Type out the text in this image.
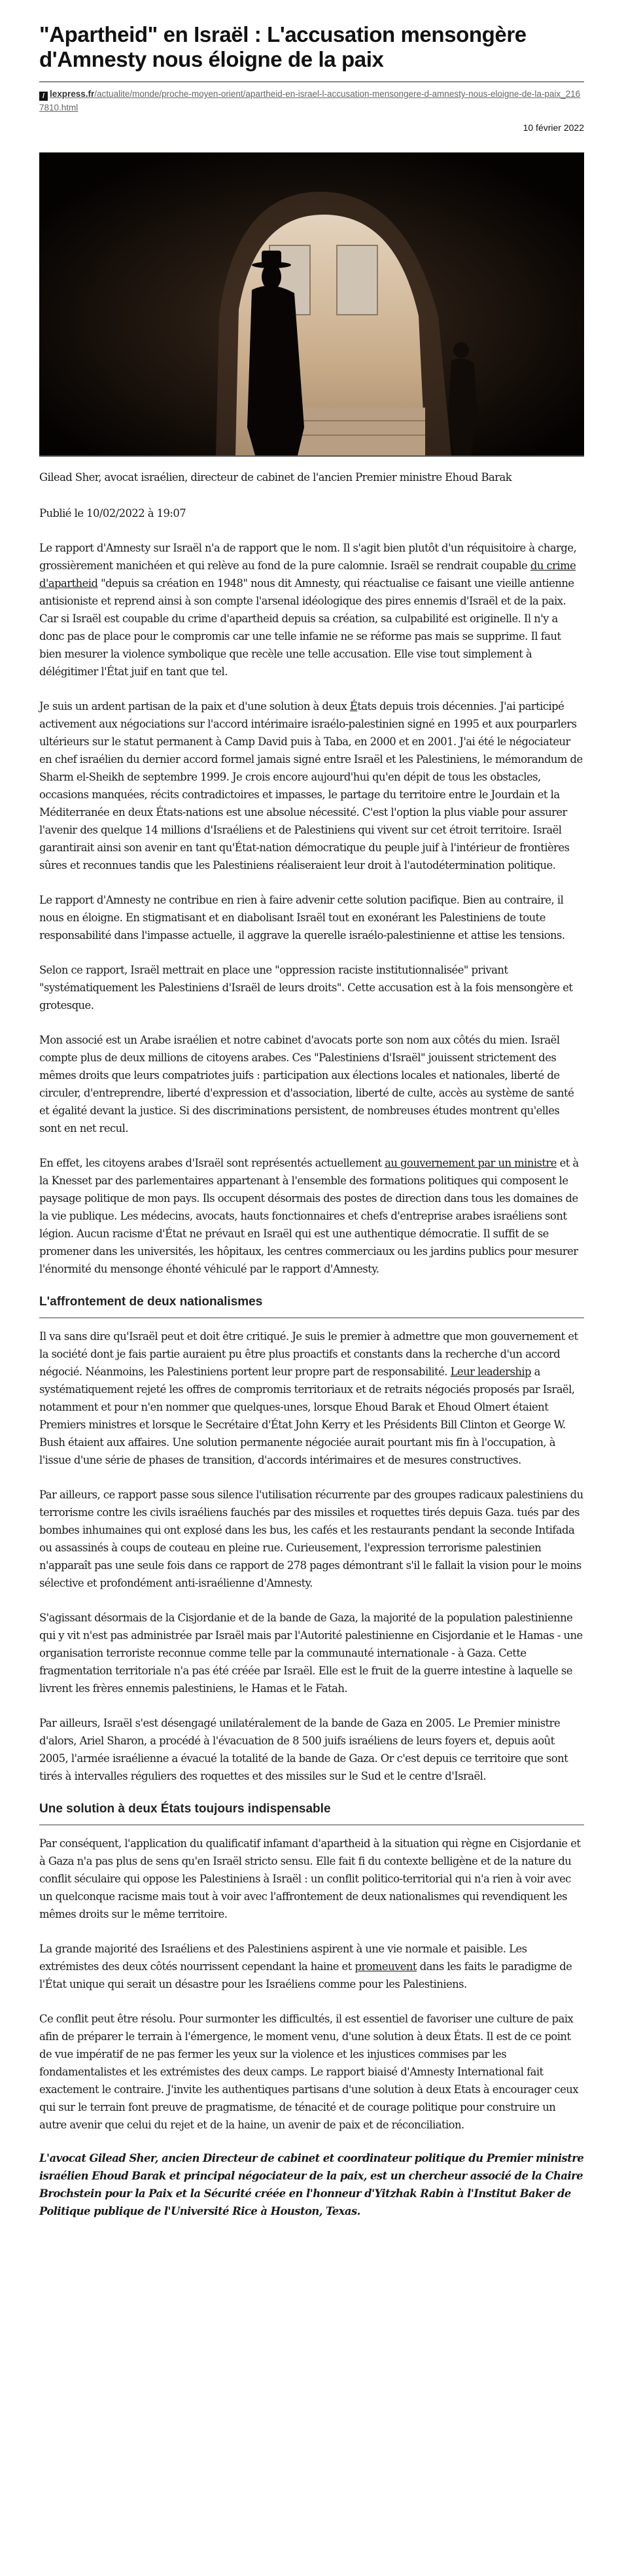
"Apartheid" en Israël : L'accusation mensongère d'Amnesty nous éloigne de la paix
/ lexpress.fr/actualite/monde/proche-moyen-orient/apartheid-en-israel-l-accusation-mensongere-d-amnesty-nous-eloigne-de-la-paix_2167810.html
10 février 2022
Gilead Sher, avocat israélien, directeur de cabinet de l'ancien Premier ministre Ehoud Barak
Publié le 10/02/2022 à 19:07

Le rapport d'Amnesty sur Israël n'a de rapport que le nom. Il s'agit bien plutôt d'un réquisitoire à charge, grossièrement manichéen et qui relève au fond de la pure calomnie. Israël se rendrait coupable du crime d'apartheid "depuis sa création en 1948" nous dit Amnesty, qui réactualise ce faisant une vieille antienne antisioniste et reprend ainsi à son compte l'arsenal idéologique des pires ennemis d'Israël et de la paix. Car si Israël est coupable du crime d'apartheid depuis sa création, sa culpabilité est originelle. Il n'y a donc pas de place pour le compromis car une telle infamie ne se réforme pas mais se supprime. Il faut bien mesurer la violence symbolique que recèle une telle accusation. Elle vise tout simplement à délégitimer l'État juif en tant que tel.

Je suis un ardent partisan de la paix et d'une solution à deux États depuis trois décennies. J'ai participé activement aux négociations sur l'accord intérimaire israélo-palestinien signé en 1995 et aux pourparlers ultérieurs sur le statut permanent à Camp David puis à Taba, en 2000 et en 2001. J'ai été le négociateur en chef israélien du dernier accord formel jamais signé entre Israël et les Palestiniens, le mémorandum de Sharm el-Sheikh de septembre 1999. Je crois encore aujourd'hui qu'en dépit de tous les obstacles, occasions manquées, récits contradictoires et impasses, le partage du territoire entre le Jourdain et la Méditerranée en deux États-nations est une absolue nécessité. C'est l'option la plus viable pour assurer l'avenir des quelque 14 millions d'Israéliens et de Palestiniens qui vivent sur cet étroit territoire. Israël garantirait ainsi son avenir en tant qu'État-nation démocratique du peuple juif à l'intérieur de frontières sûres et reconnues tandis que les Palestiniens réaliseraient leur droit à l'autodétermination politique.

Le rapport d'Amnesty ne contribue en rien à faire advenir cette solution pacifique. Bien au contraire, il nous en éloigne. En stigmatisant et en diabolisant Israël tout en exonérant les Palestiniens de toute responsabilité dans l'impasse actuelle, il aggrave la querelle israélo-palestinienne et attise les tensions.

Selon ce rapport, Israël mettrait en place une "oppression raciste institutionnalisée" privant "systématiquement les Palestiniens d'Israël de leurs droits". Cette accusation est à la fois mensongère et grotesque.

Mon associé est un Arabe israélien et notre cabinet d'avocats porte son nom aux côtés du mien. Israël compte plus de deux millions de citoyens arabes. Ces "Palestiniens d'Israël" jouissent strictement des mêmes droits que leurs compatriotes juifs : participation aux élections locales et nationales, liberté de circuler, d'entreprendre, liberté d'expression et d'association, liberté de culte, accès au système de santé et égalité devant la justice. Si des discriminations persistent, de nombreuses études montrent qu'elles sont en net recul.

En effet, les citoyens arabes d'Israël sont représentés actuellement au gouvernement par un ministre et à la Knesset par des parlementaires appartenant à l'ensemble des formations politiques qui composent le paysage politique de mon pays. Ils occupent désormais des postes de direction dans tous les domaines de la vie publique. Les médecins, avocats, hauts fonctionnaires et chefs d'entreprise arabes israéliens sont légion. Aucun racisme d'État ne prévaut en Israël qui est une authentique démocratie. Il suffit de se promener dans les universités, les hôpitaux, les centres commerciaux ou les jardins publics pour mesurer l'énormité du mensonge éhonté véhiculé par le rapport d'Amnesty.

L'affrontement de deux nationalismes

Il va sans dire qu'Israël peut et doit être critiqué. Je suis le premier à admettre que mon gouvernement et la société dont je fais partie auraient pu être plus proactifs et constants dans la recherche d'un accord négocié. Néanmoins, les Palestiniens portent leur propre part de responsabilité. Leur leadership a systématiquement rejeté les offres de compromis territoriaux et de retraits négociés proposés par Israël, notamment et pour n'en nommer que quelques-unes, lorsque Ehoud Barak et Ehoud Olmert étaient Premiers ministres et lorsque le Secrétaire d'État John Kerry et les Présidents Bill Clinton et George W. Bush étaient aux affaires. Une solution permanente négociée aurait pourtant mis fin à l'occupation, à l'issue d'une série de phases de transition, d'accords intérimaires et de mesures constructives.

Par ailleurs, ce rapport passe sous silence l'utilisation récurrente par des groupes radicaux palestiniens du terrorisme contre les civils israéliens fauchés par des missiles et roquettes tirés depuis Gaza. tués par des bombes inhumaines qui ont explosé dans les bus, les cafés et les restaurants pendant la seconde Intifada ou assassinés à coups de couteau en pleine rue. Curieusement, l'expression terrorisme palestinien n'apparaît pas une seule fois dans ce rapport de 278 pages démontrant s'il le fallait la vision pour le moins sélective et profondément anti-israélienne d'Amnesty.

S'agissant désormais de la Cisjordanie et de la bande de Gaza, la majorité de la population palestinienne qui y vit n'est pas administrée par Israël mais par l'Autorité palestinienne en Cisjordanie et le Hamas - une organisation terroriste reconnue comme telle par la communauté internationale - à Gaza. Cette fragmentation territoriale n'a pas été créée par Israël. Elle est le fruit de la guerre intestine à laquelle se livrent les frères ennemis palestiniens, le Hamas et le Fatah.

Par ailleurs, Israël s'est désengagé unilatéralement de la bande de Gaza en 2005. Le Premier ministre d'alors, Ariel Sharon, a procédé à l'évacuation de 8 500 juifs israéliens de leurs foyers et, depuis août 2005, l'armée israélienne a évacué la totalité de la bande de Gaza. Or c'est depuis ce territoire que sont tirés à intervalles réguliers des roquettes et des missiles sur le Sud et le centre d'Israël.

Une solution à deux États toujours indispensable

Par conséquent, l'application du qualificatif infamant d'apartheid à la situation qui règne en Cisjordanie et à Gaza n'a pas plus de sens qu'en Israël stricto sensu. Elle fait fi du contexte belligène et de la nature du conflit séculaire qui oppose les Palestiniens à Israël : un conflit politico-territorial qui n'a rien à voir avec un quelconque racisme mais tout à voir avec l'affrontement de deux nationalismes qui revendiquent les mêmes droits sur le même territoire.

La grande majorité des Israéliens et des Palestiniens aspirent à une vie normale et paisible. Les extrémistes des deux côtés nourrissent cependant la haine et promeuvent dans les faits le paradigme de l'État unique qui serait un désastre pour les Israéliens comme pour les Palestiniens.

Ce conflit peut être résolu. Pour surmonter les difficultés, il est essentiel de favoriser une culture de paix afin de préparer le terrain à l'émergence, le moment venu, d'une solution à deux États. Il est de ce point de vue impératif de ne pas fermer les yeux sur la violence et les injustices commises par les fondamentalistes et les extrémistes des deux camps. Le rapport biaisé d'Amnesty International fait exactement le contraire. J'invite les authentiques partisans d'une solution à deux Etats à encourager ceux qui sur le terrain font preuve de pragmatisme, de ténacité et de courage politique pour construire un autre avenir que celui du rejet et de la haine, un avenir de paix et de réconciliation.

L'avocat Gilead Sher, ancien Directeur de cabinet et coordinateur politique du Premier ministre israélien Ehoud Barak et principal négociateur de la paix, est un chercheur associé de la Chaire Brochstein pour la Paix et la Sécurité créée en l'honneur d'Yitzhak Rabin à l'Institut Baker de Politique publique de l'Université Rice à Houston, Texas.
